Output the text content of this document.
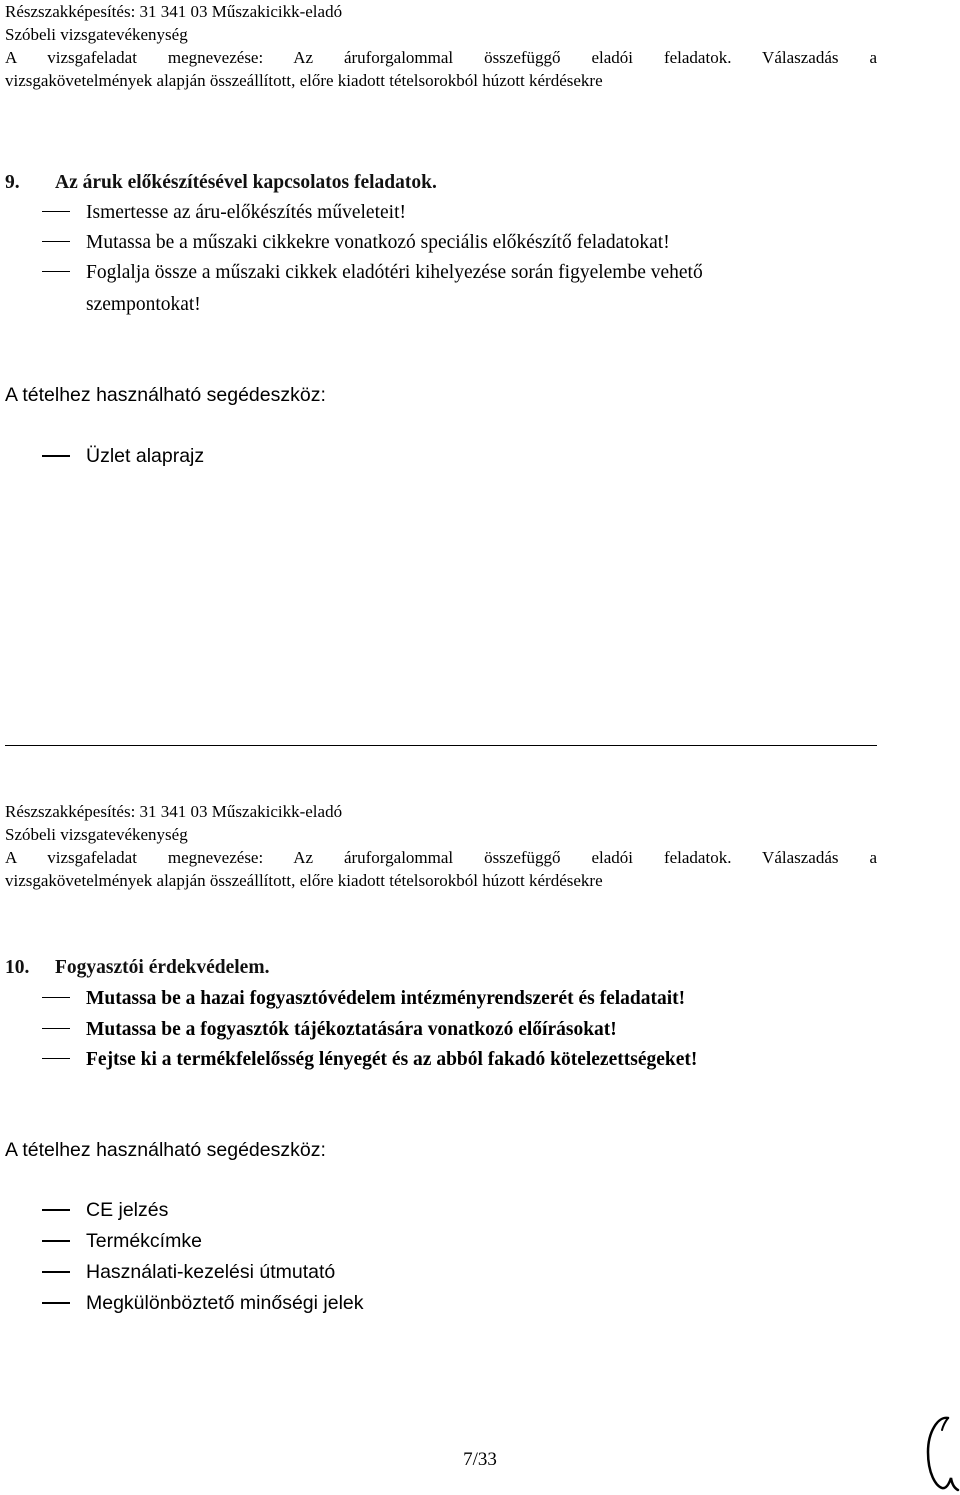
Részszakképesítés: 31 341 03 Műszakicikk-eladó
Szóbeli vizsgatevékenység
A vizsgafeladat megnevezése: Az áruforgalommal összefüggő eladói feladatok. Válaszadás a
vizsgakövetelmények alapján összeállított, előre kiadott tételsorokból húzott kérdésekre
9. Az áruk előkészítésével kapcsolatos feladatok.
Ismertesse az áru-előkészítés műveleteit!
Mutassa be a műszaki cikkekre vonatkozó speciális előkészítő feladatokat!
Foglalja össze a műszaki cikkek eladótéri kihelyezése során figyelembe vehető
szempontokat!
A tételhez használható segédeszköz:
Üzlet alaprajz
Részszakképesítés: 31 341 03 Műszakicikk-eladó
Szóbeli vizsgatevékenység
A vizsgafeladat megnevezése: Az áruforgalommal összefüggő eladói feladatok. Válaszadás a
vizsgakövetelmények alapján összeállított, előre kiadott tételsorokból húzott kérdésekre
10. Fogyasztói érdekvédelem.
Mutassa be a hazai fogyasztóvédelem intézményrendszerét és feladatait!
Mutassa be a fogyasztók tájékoztatására vonatkozó előírásokat!
Fejtse ki a termékfelelősség lényegét és az abból fakadó kötelezettségeket!
A tételhez használható segédeszköz:
CE jelzés
Termékcímke
Használati-kezelési útmutató
Megkülönböztető minőségi jelek
7/33
